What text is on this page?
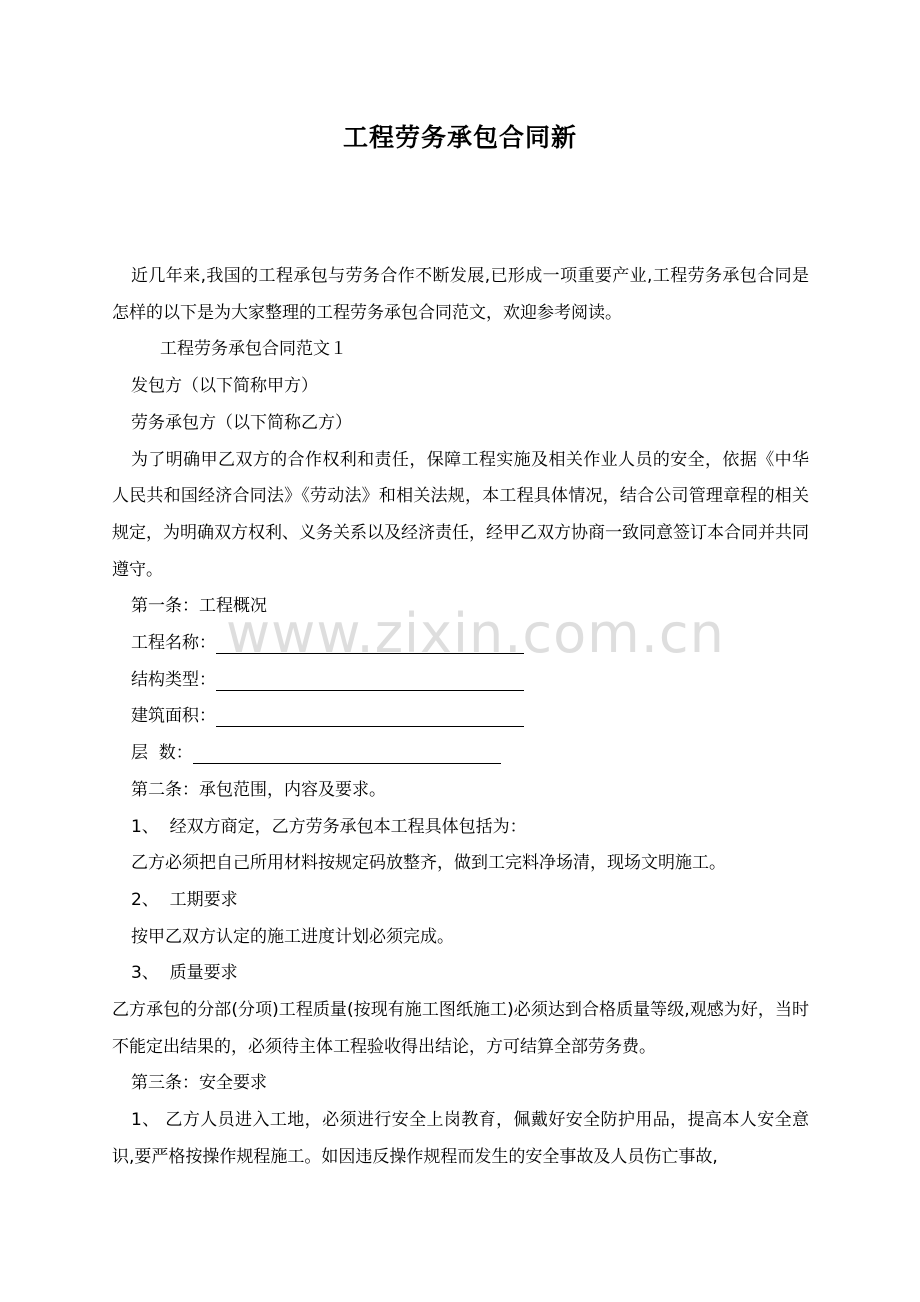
工程劳务承包合同新

近几年来,我国的工程承包与劳务合作不断发展,已形成一项重要产业,工程劳务承包合同是怎样的以下是为大家整理的工程劳务承包合同范文，欢迎参考阅读。

工程劳务承包合同范文１

发包方（以下简称甲方）

劳务承包方（以下简称乙方）

为了明确甲乙双方的合作权利和责任，保障工程实施及相关作业人员的安全，依据《中华人民共和国经济合同法》《劳动法》和相关法规，本工程具体情况，结合公司管理章程的相关规定，为明确双方权利、义务关系以及经济责任，经甲乙双方协商一致同意签订本合同并共同遵守。

第一条：工程概况

工程名称：
结构类型：
建筑面积：
层  数：

第二条：承包范围，内容及要求。

1、  经双方商定，乙方劳务承包本工程具体包括为：

乙方必须把自己所用材料按规定码放整齐，做到工完料净场清，现场文明施工。

2、  工期要求

按甲乙双方认定的施工进度计划必须完成。

3、  质量要求

乙方承包的分部(分项)工程质量(按现有施工图纸施工)必须达到合格质量等级,观感为好，当时不能定出结果的，必须待主体工程验收得出结论，方可结算全部劳务费。

第三条：安全要求

1、 乙方人员进入工地，必须进行安全上岗教育，佩戴好安全防护用品，提高本人安全意识,要严格按操作规程施工。如因违反操作规程而发生的安全事故及人员伤亡事故,

www.zixin.com.cn
